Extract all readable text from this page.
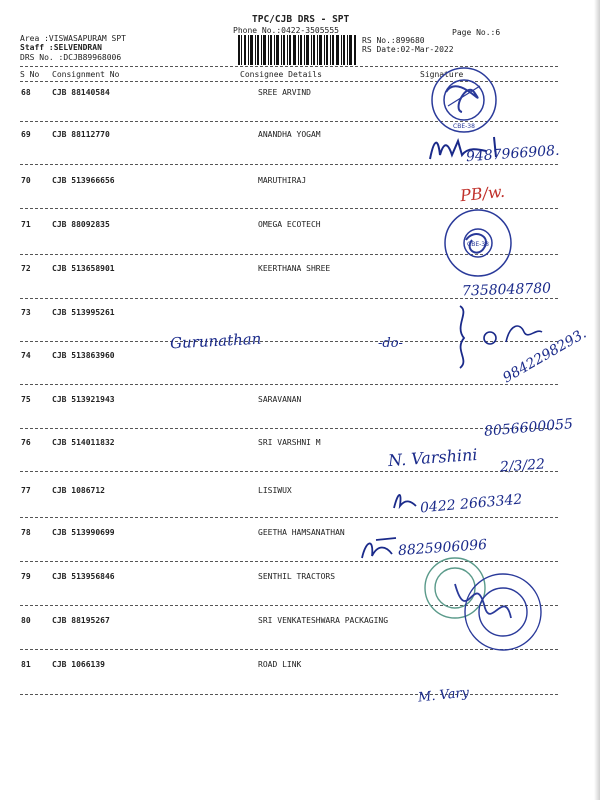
TPC/CJB DRS - SPT
Phone No.:0422-3505555	Page No.:6
Area :VISWASAPURAM SPT
Staff :SELVENDRAN
DRS No. :DCJB89968006
RS No.:899680
RS Date:02-Mar-2022
S No Consignment No	Consignee Details	Signature
68	CJB 88140584	SREE ARVIND
69	CJB 88112770	ANANDHA YOGAM
70	CJB 513966656	MARUTHIRAJ
71	CJB 88092835	OMEGA ECOTECH
72	CJB 513658901	KEERTHANA SHREE
73	CJB 513995261
74	CJB 513863960
75	CJB 513921943	SARAVANAN
76	CJB 514011832	SRI VARSHNI M
77	CJB 1086712	LISIWUX
78	CJB 513990699	GEETHA HAMSANATHAN
79	CJB 513956846	SENTHIL TRACTORS
80	CJB 88195267	SRI VENKATESHWARA PACKAGING
81	CJB 1066139	ROAD LINK
CBE-38
CBE-38
9487966908.
PB/w.
7358048780
Gurunathan	-do-	9842298293.
8056600055
N. Varshini 2/3/22
0422 2663342
8825906096
M. Vary
